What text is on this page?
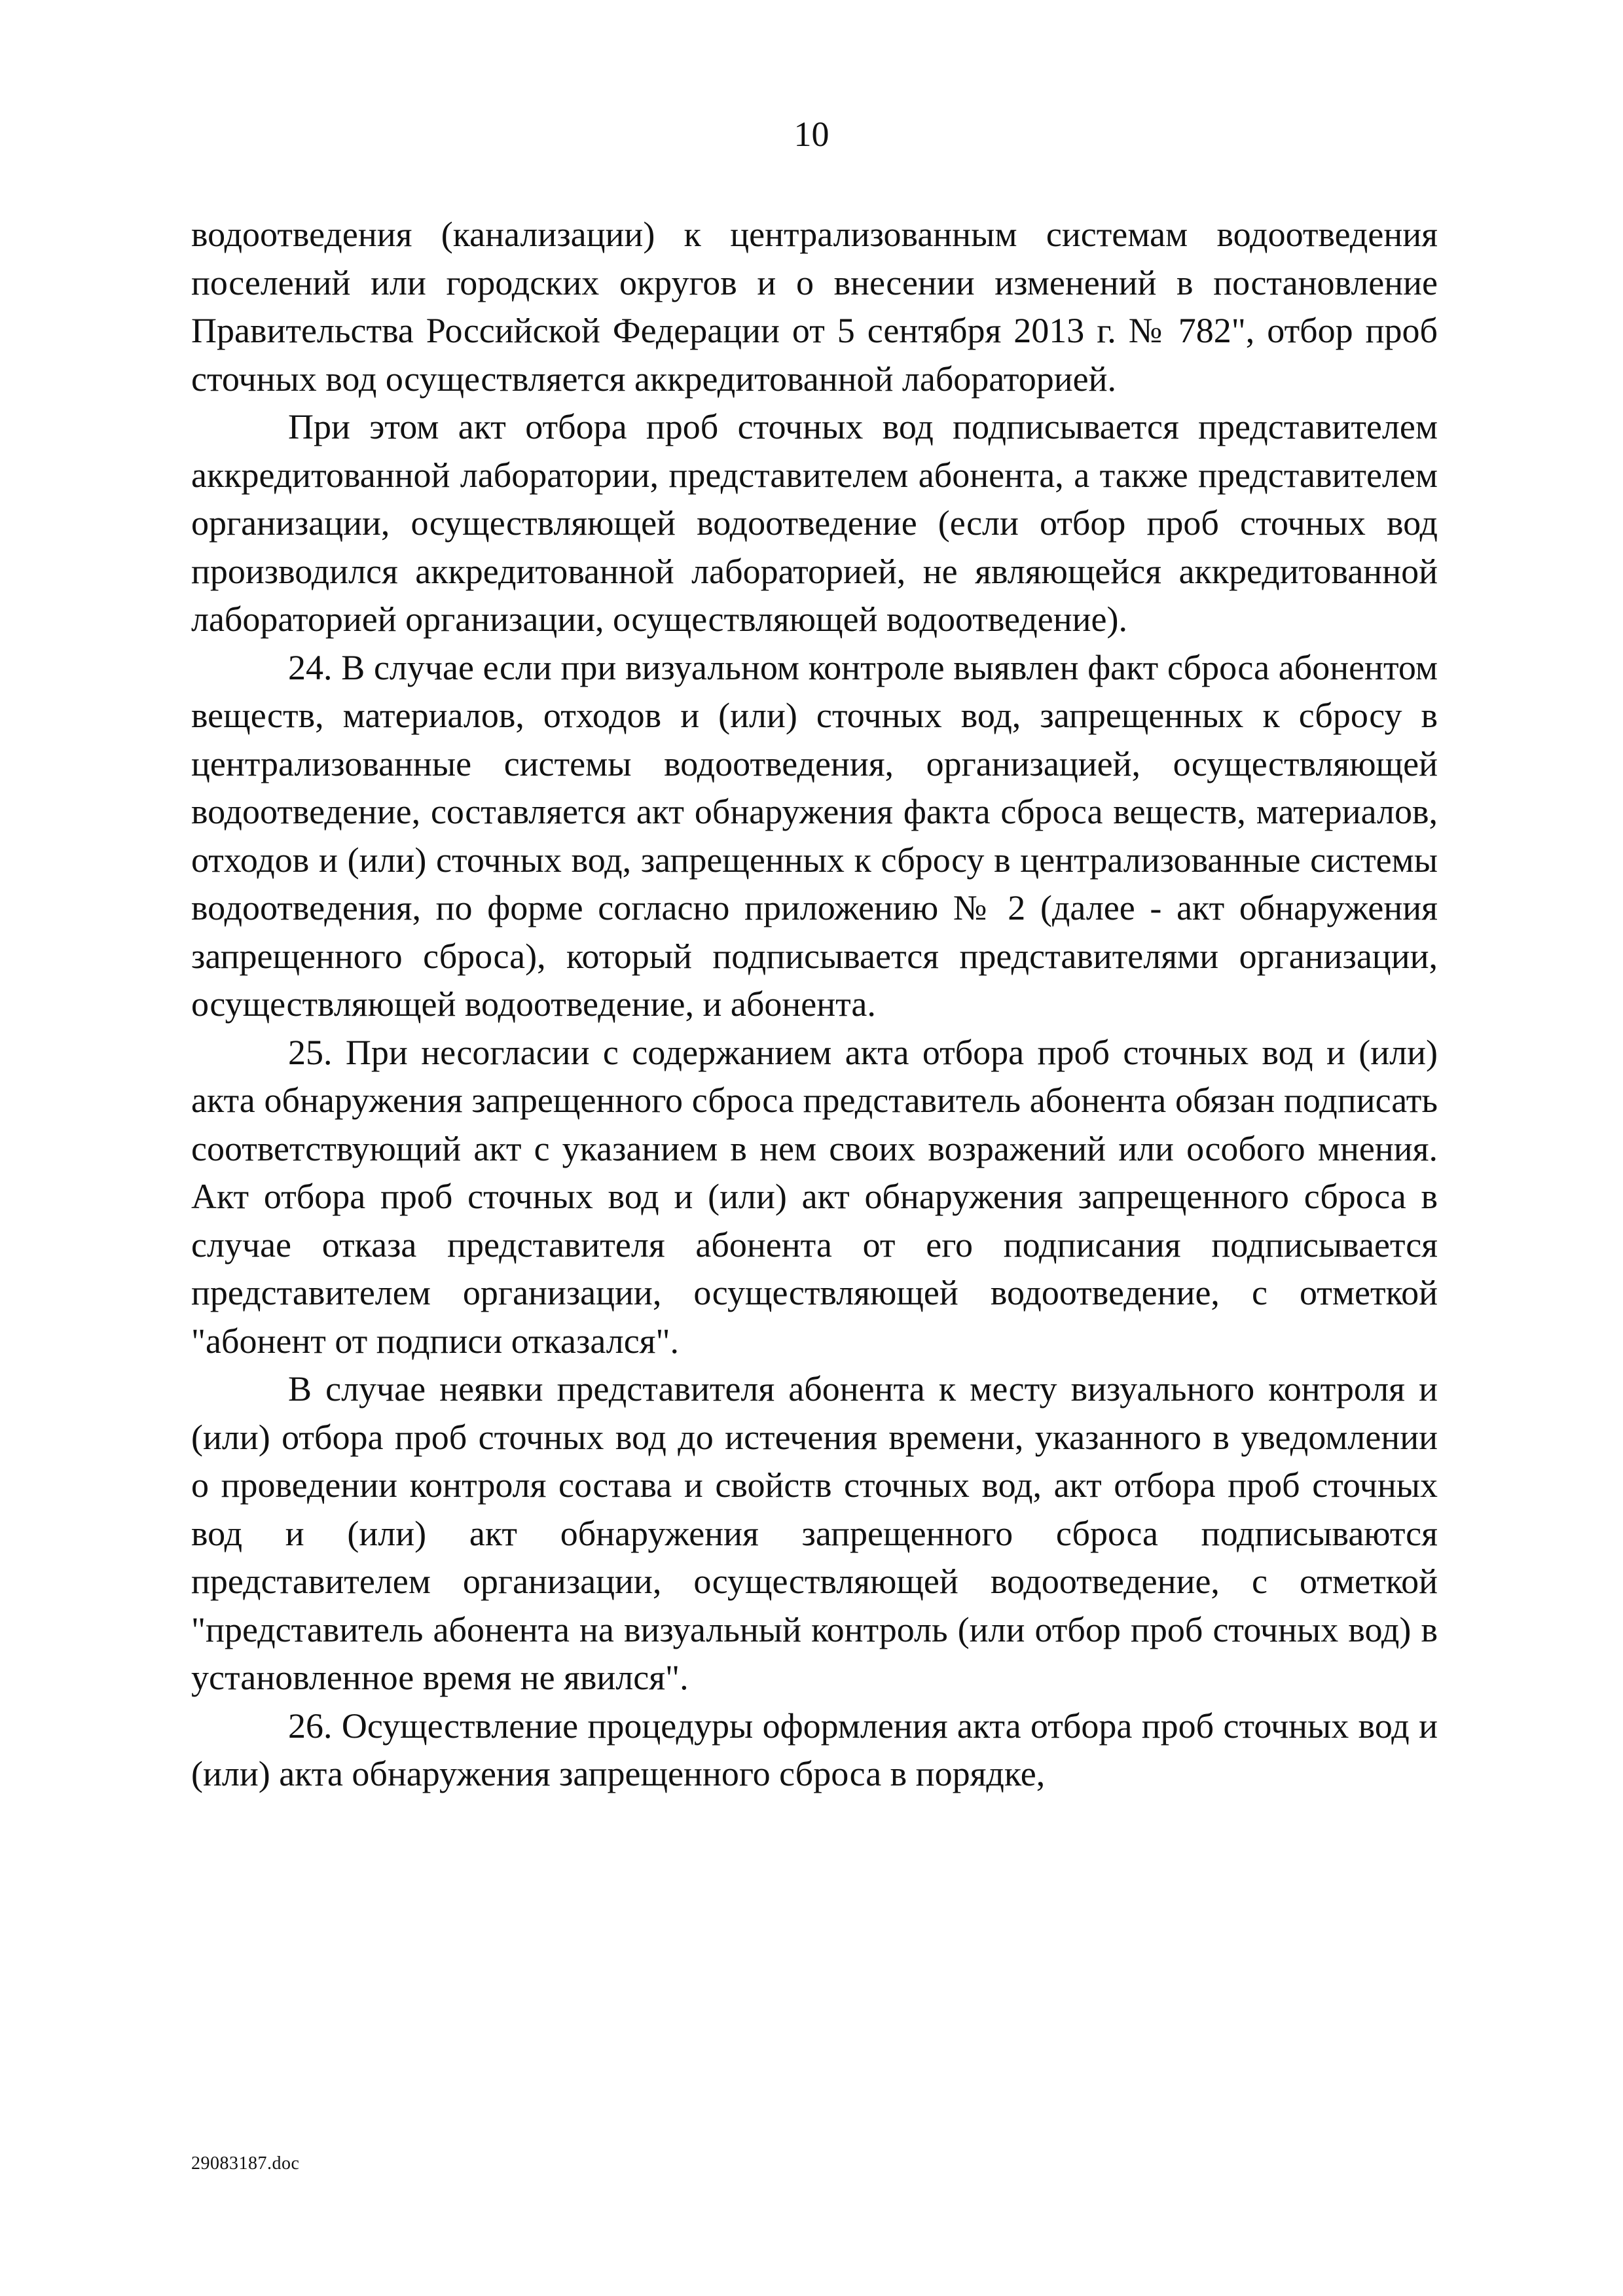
10

водоотведения (канализации) к централизованным системам водоотведения поселений или городских округов и о внесении изменений в постановление Правительства Российской Федерации от 5 сентября 2013 г. № 782", отбор проб сточных вод осуществляется аккредитованной лабораторией.

При этом акт отбора проб сточных вод подписывается представителем аккредитованной лаборатории, представителем абонента, а также представителем организации, осуществляющей водоотведение (если отбор проб сточных вод производился аккредитованной лабораторией, не являющейся аккредитованной лабораторией организации, осуществляющей водоотведение).

24. В случае если при визуальном контроле выявлен факт сброса абонентом веществ, материалов, отходов и (или) сточных вод, запрещенных к сбросу в централизованные системы водоотведения, организацией, осуществляющей водоотведение, составляется акт обнаружения факта сброса веществ, материалов, отходов и (или) сточных вод, запрещенных к сбросу в централизованные системы водоотведения, по форме согласно приложению № 2 (далее - акт обнаружения запрещенного сброса), который подписывается представителями организации, осуществляющей водоотведение, и абонента.

25. При несогласии с содержанием акта отбора проб сточных вод и (или) акта обнаружения запрещенного сброса представитель абонента обязан подписать соответствующий акт с указанием в нем своих возражений или особого мнения. Акт отбора проб сточных вод и (или) акт обнаружения запрещенного сброса в случае отказа представителя абонента от его подписания подписывается представителем организации, осуществляющей водоотведение, с отметкой "абонент от подписи отказался".

В случае неявки представителя абонента к месту визуального контроля и (или) отбора проб сточных вод до истечения времени, указанного в уведомлении о проведении контроля состава и свойств сточных вод, акт отбора проб сточных вод и (или) акт обнаружения запрещенного сброса подписываются представителем организации, осуществляющей водоотведение, с отметкой "представитель абонента на визуальный контроль (или отбор проб сточных вод) в установленное время не явился".

26. Осуществление процедуры оформления акта отбора проб сточных вод и (или) акта обнаружения запрещенного сброса в порядке,

29083187.doc
